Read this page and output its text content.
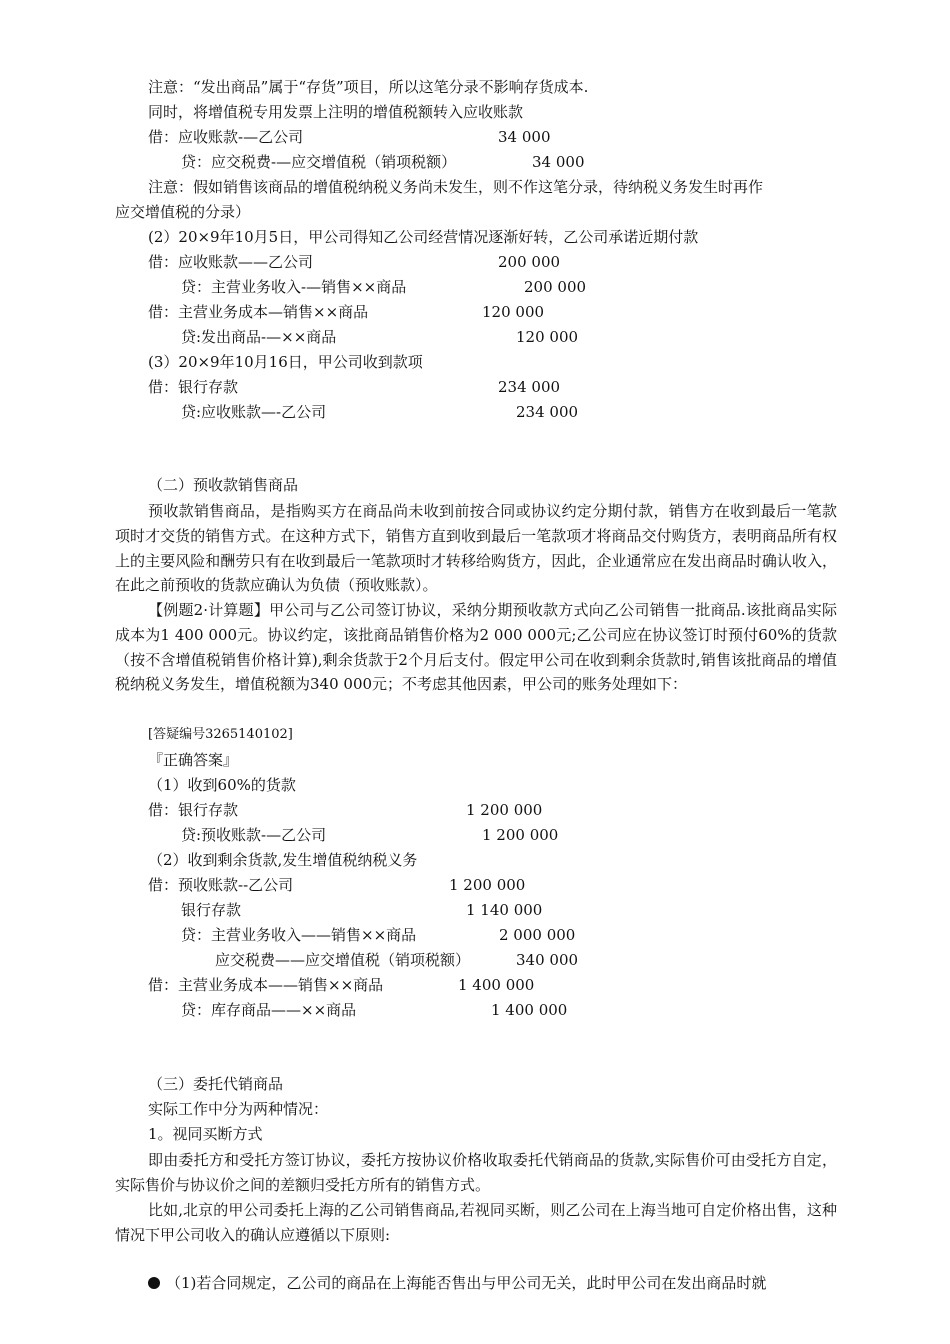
注意：“发出商品”属于“存货”项目，所以这笔分录不影响存货成本.
同时，将增值税专用发票上注明的增值税额转入应收账款
借：应收账款-—乙公司	34 000
贷：应交税费-—应交增值税（销项税额）	34 000
注意：假如销售该商品的增值税纳税义务尚未发生，则不作这笔分录，待纳税义务发生时再作
应交增值税的分录）
(2）20×9年10月5日，甲公司得知乙公司经营情况逐渐好转，乙公司承诺近期付款
借：应收账款——乙公司	200 000
贷：主营业务收入-—销售××商品	200 000
借：主营业务成本—销售××商品	120 000
贷:发出商品-—××商品	120 000
(3）20×9年10月16日，甲公司收到款项
借：银行存款	234 000
贷:应收账款—-乙公司	234 000
（二）预收款销售商品
预收款销售商品，是指购买方在商品尚未收到前按合同或协议约定分期付款，销售方在收到最后一笔款项时才交货的销售方式。在这种方式下，销售方直到收到最后一笔款项才将商品交付购货方，表明商品所有权上的主要风险和酬劳只有在收到最后一笔款项时才转移给购货方，因此，企业通常应在发出商品时确认收入，在此之前预收的货款应确认为负债（预收账款）。
【例题2·计算题】甲公司与乙公司签订协议，采纳分期预收款方式向乙公司销售一批商品.该批商品实际成本为1 400 000元。协议约定，该批商品销售价格为2 000 000元;乙公司应在协议签订时预付60%的货款（按不含增值税销售价格计算),剩余货款于2个月后支付。假定甲公司在收到剩余货款时,销售该批商品的增值税纳税义务发生，增值税额为340 000元；不考虑其他因素，甲公司的账务处理如下：
[答疑编号3265140102]
『正确答案』
（1）收到60%的货款
借：银行存款	1 200 000
贷:预收账款-—乙公司	1 200 000
（2）收到剩余货款,发生增值税纳税义务
借：预收账款--乙公司	1 200 000
银行存款	1 140 000
贷：主营业务收入——销售××商品	2 000 000
应交税费——应交增值税（销项税额）	340 000
借：主营业务成本——销售××商品	1 400 000
贷：库存商品——××商品	1 400 000
（三）委托代销商品
实际工作中分为两种情况：
1。视同买断方式
即由委托方和受托方签订协议，委托方按协议价格收取委托代销商品的货款,实际售价可由受托方自定，实际售价与协议价之间的差额归受托方所有的销售方式。
比如,北京的甲公司委托上海的乙公司销售商品,若视同买断，则乙公司在上海当地可自定价格出售，这种情况下甲公司收入的确认应遵循以下原则:
（1)若合同规定，乙公司的商品在上海能否售出与甲公司无关，此时甲公司在发出商品时就
